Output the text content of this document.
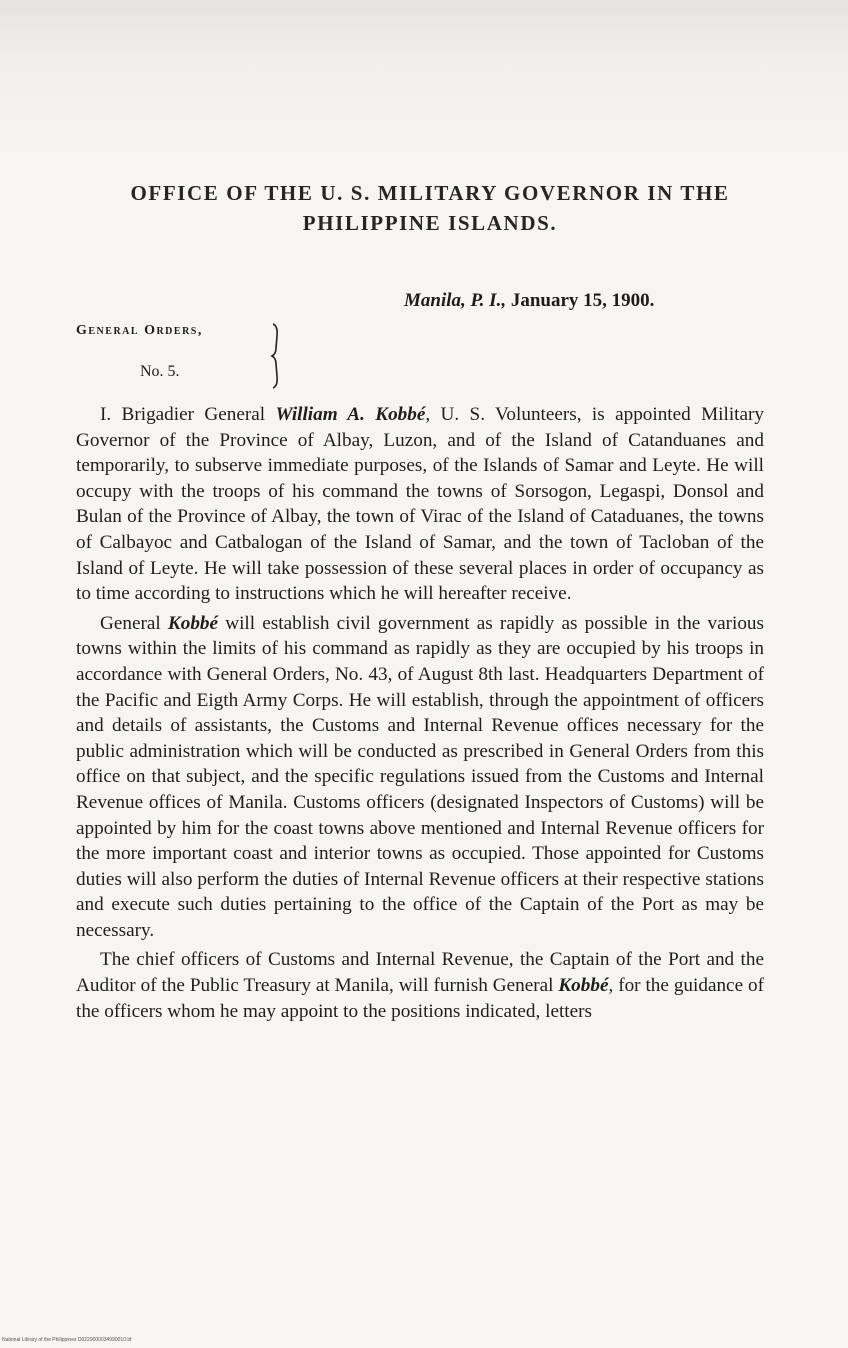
OFFICE OF THE U. S. MILITARY GOVERNOR IN THE
PHILIPPINE ISLANDS.
Manila, P. I., January 15, 1900.
General Orders,
No. 5.

I. Brigadier General William A. Kobbé, U. S. Volunteers, is appointed Military Governor of the Province of Albay, Luzon, and of the Island of Catanduanes and temporarily, to subserve immediate purposes, of the Islands of Samar and Leyte. He will occupy with the troops of his command the towns of Sorsogon, Legaspi, Donsol and Bulan of the Province of Albay, the town of Virac of the Island of Cataduanes, the towns of Calbayoc and Catbalogan of the Island of Samar, and the town of Tacloban of the Island of Leyte. He will take possession of these several places in order of occupancy as to time according to instructions which he will hereafter receive.

General Kobbé will establish civil government as rapidly as possible in the various towns within the limits of his command as rapidly as they are occupied by his troops in accordance with General Orders, No. 43, of August 8th last. Headquarters Department of the Pacific and Eigth Army Corps. He will establish, through the appointment of officers and details of assistants, the Customs and Internal Revenue offices necessary for the public administration which will be conducted as prescribed in General Orders from this office on that subject, and the specific regulations issued from the Customs and Internal Revenue offices of Manila. Customs officers (designated Inspectors of Customs) will be appointed by him for the coast towns above mentioned and Internal Revenue officers for the more important coast and interior towns as occupied. Those appointed for Customs duties will also perform the duties of Internal Revenue officers at their respective stations and execute such duties pertaining to the office of the Captain of the Port as may be necessary.

The chief officers of Customs and Internal Revenue, the Captain of the Port and the Auditor of the Public Treasury at Manila, will furnish General Kobbé, for the guidance of the officers whom he may appoint to the positions indicated, letters

National Library of the Philippines D0229000034990010.tif
